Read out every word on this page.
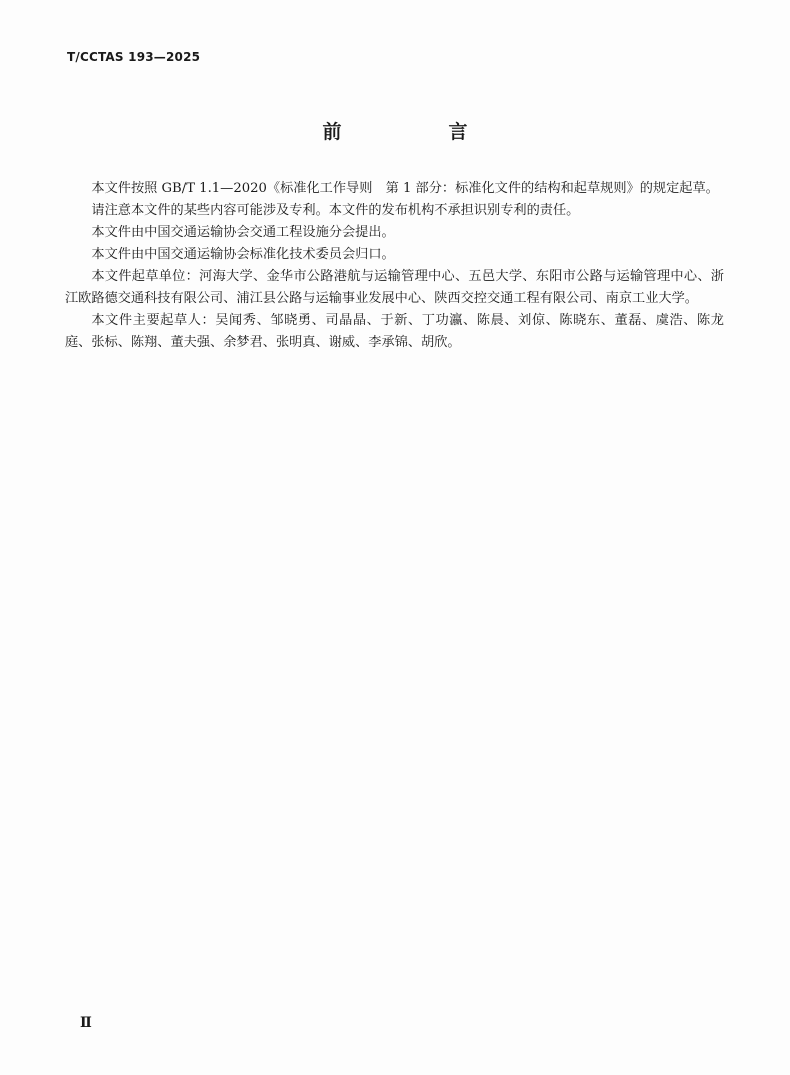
T/CCTAS 193—2025
前　言

本文件按照 GB/T 1.1—2020《标准化工作导则　第 1 部分：标准化文件的结构和起草规则》的规定起草。

请注意本文件的某些内容可能涉及专利。本文件的发布机构不承担识别专利的责任。

本文件由中国交通运输协会交通工程设施分会提出。

本文件由中国交通运输协会标准化技术委员会归口。

本文件起草单位：河海大学、金华市公路港航与运输管理中心、五邑大学、东阳市公路与运输管理中心、浙江欧路德交通科技有限公司、浦江县公路与运输事业发展中心、陕西交控交通工程有限公司、南京工业大学。

本文件主要起草人：吴闻秀、邹晓勇、司晶晶、于新、丁功瀛、陈晨、刘倞、陈晓东、董磊、虞浩、陈龙庭、张标、陈翔、董夫强、余梦君、张明真、谢威、李承锦、胡欣。

Ⅱ
